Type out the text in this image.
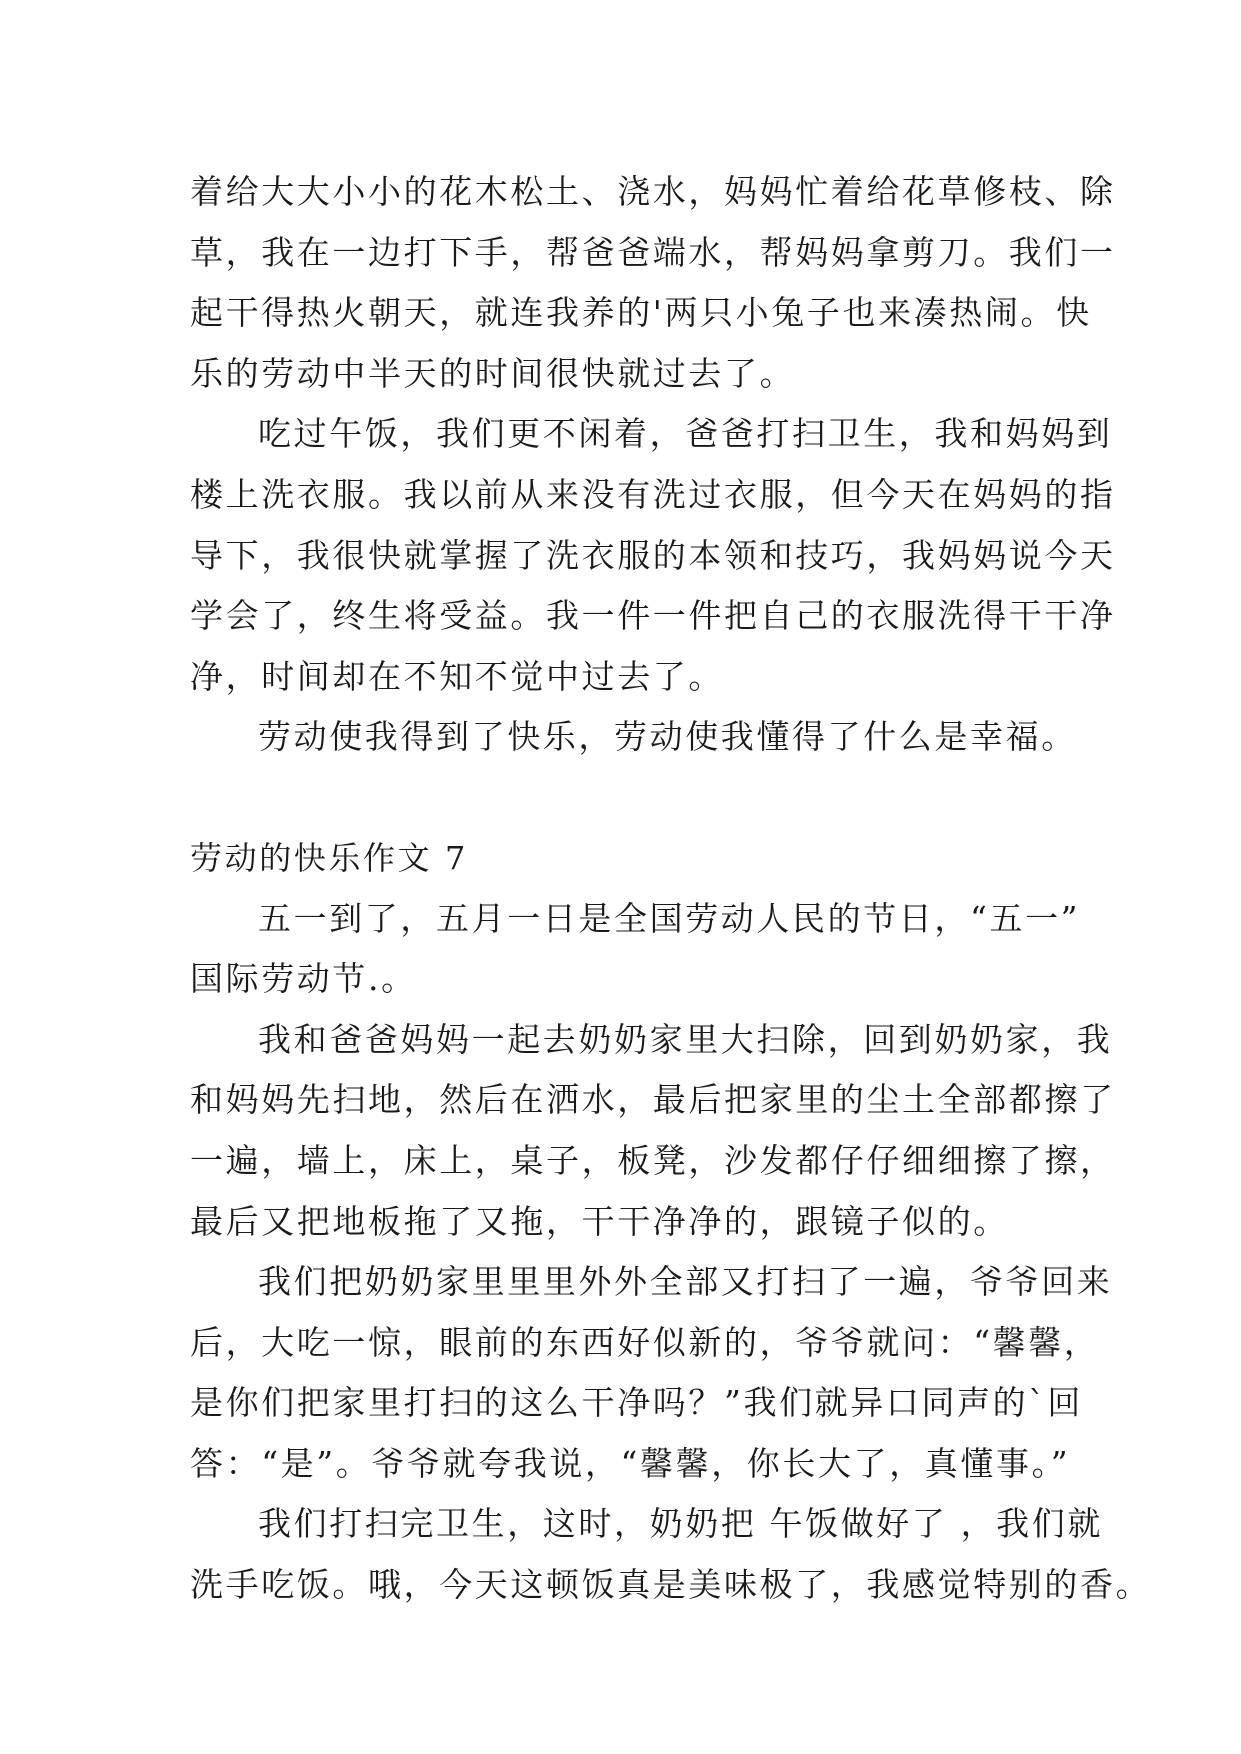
着给大大小小的花木松土、浇水，妈妈忙着给花草修枝、除
草，我在一边打下手，帮爸爸端水，帮妈妈拿剪刀。我们一
起干得热火朝天，就连我养的'两只小兔子也来凑热闹。快
乐的劳动中半天的时间很快就过去了。
吃过午饭，我们更不闲着，爸爸打扫卫生，我和妈妈到
楼上洗衣服。我以前从来没有洗过衣服，但今天在妈妈的指
导下，我很快就掌握了洗衣服的本领和技巧，我妈妈说今天
学会了，终生将受益。我一件一件把自己的衣服洗得干干净
净，时间却在不知不觉中过去了。
劳动使我得到了快乐，劳动使我懂得了什么是幸福。
劳动的快乐作文 7
五一到了，五月一日是全国劳动人民的节日，“五一”
国际劳动节.。
我和爸爸妈妈一起去奶奶家里大扫除，回到奶奶家，我
和妈妈先扫地，然后在洒水，最后把家里的尘土全部都擦了
一遍，墙上，床上，桌子，板凳，沙发都仔仔细细擦了擦，
最后又把地板拖了又拖，干干净净的，跟镜子似的。
我们把奶奶家里里里外外全部又打扫了一遍，爷爷回来
后，大吃一惊，眼前的东西好似新的，爷爷就问：“馨馨，
是你们把家里打扫的这么干净吗？”我们就异口同声的`回
答：“是”。爷爷就夸我说，“馨馨，你长大了，真懂事。”
我们打扫完卫生，这时，奶奶把 午饭做好了 ，我们就
洗手吃饭。哦，今天这顿饭真是美味极了，我感觉特别的香。
